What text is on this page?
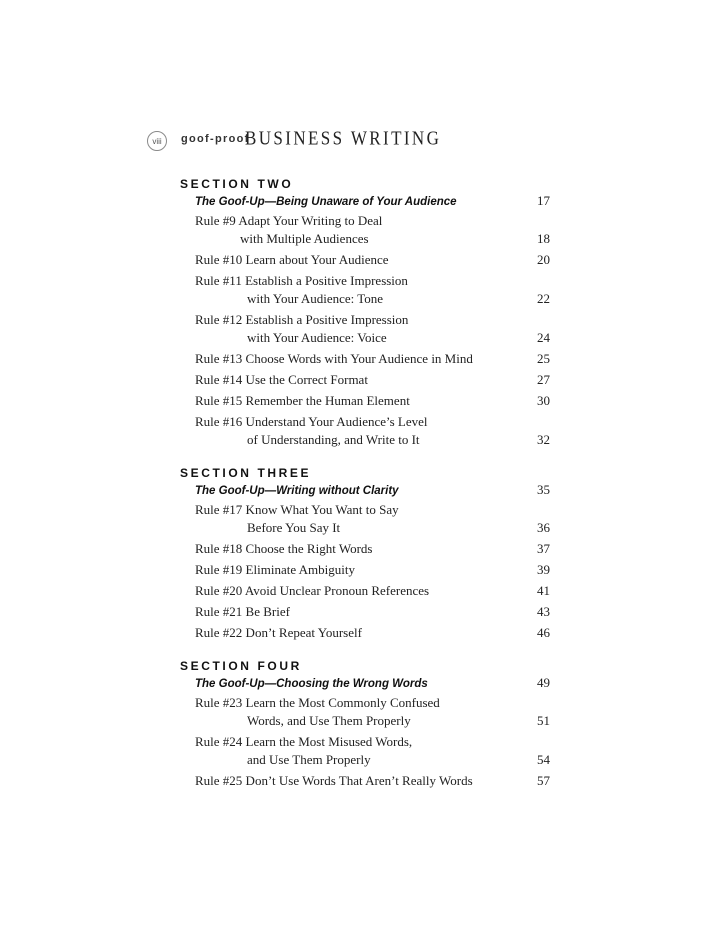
viii	goof-proof
BUSINESS WRITING
SECTION TWO
The Goof-Up—Being Unaware of Your Audience	17
Rule #9 Adapt Your Writing to Deal
with Multiple Audiences	18
Rule #10 Learn about Your Audience	20
Rule #11 Establish a Positive Impression
with Your Audience: Tone	22
Rule #12 Establish a Positive Impression
with Your Audience: Voice	24
Rule #13 Choose Words with Your Audience in Mind	25
Rule #14 Use the Correct Format	27
Rule #15 Remember the Human Element	30
Rule #16 Understand Your Audience’s Level
of Understanding, and Write to It	32
SECTION THREE
The Goof-Up—Writing without Clarity	35
Rule #17 Know What You Want to Say
Before You Say It	36
Rule #18 Choose the Right Words	37
Rule #19 Eliminate Ambiguity	39
Rule #20 Avoid Unclear Pronoun References	41
Rule #21 Be Brief	43
Rule #22 Don’t Repeat Yourself	46
SECTION FOUR
The Goof-Up—Choosing the Wrong Words	49
Rule #23 Learn the Most Commonly Confused
Words, and Use Them Properly	51
Rule #24 Learn the Most Misused Words,
and Use Them Properly	54
Rule #25 Don’t Use Words That Aren’t Really Words	57
